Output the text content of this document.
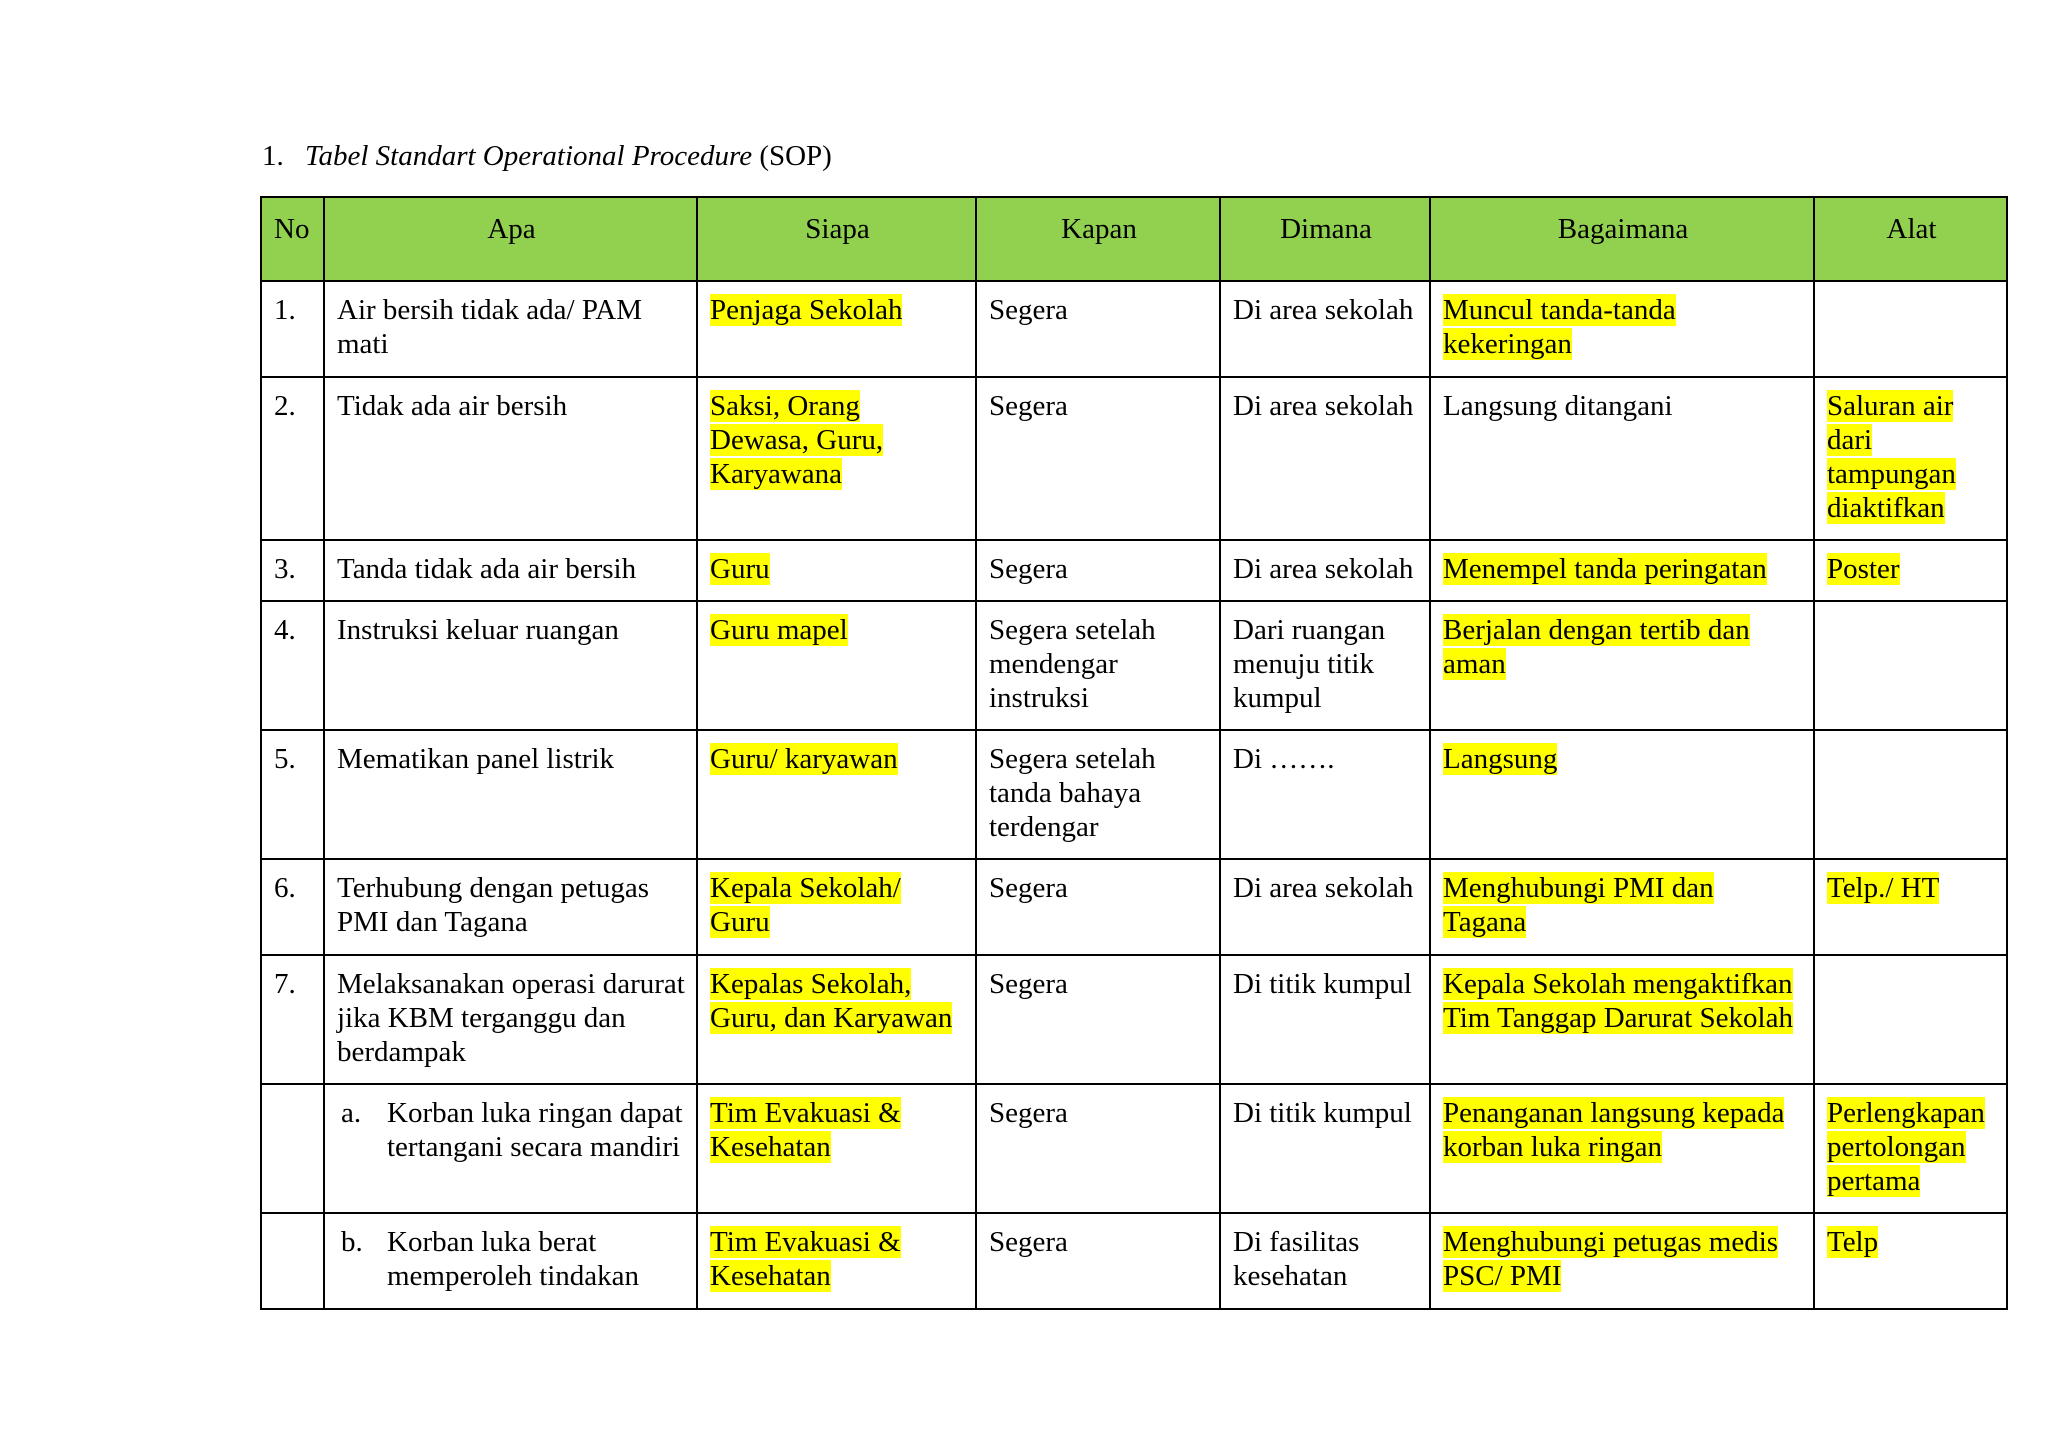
1. Tabel Standart Operational Procedure (SOP)
No	Apa	Siapa	Kapan	Dimana	Bagaimana	Alat
1.	Air bersih tidak ada/ PAM mati	Penjaga Sekolah	Segera	Di area sekolah	Muncul tanda-tanda kekeringan	
2.	Tidak ada air bersih	Saksi, Orang Dewasa, Guru, Karyawana	Segera	Di area sekolah	Langsung ditangani	Saluran air dari tampungan diaktifkan
3.	Tanda tidak ada air bersih	Guru	Segera	Di area sekolah	Menempel tanda peringatan	Poster
4.	Instruksi keluar ruangan	Guru mapel	Segera setelah mendengar instruksi	Dari ruangan menuju titik kumpul	Berjalan dengan tertib dan aman	
5.	Mematikan panel listrik	Guru/ karyawan	Segera setelah tanda bahaya terdengar	Di …….	Langsung	
6.	Terhubung dengan petugas PMI dan Tagana	Kepala Sekolah/ Guru	Segera	Di area sekolah	Menghubungi PMI dan Tagana	Telp./ HT
7.	Melaksanakan operasi darurat jika KBM terganggu dan berdampak	Kepalas Sekolah, Guru, dan Karyawan	Segera	Di titik kumpul	Kepala Sekolah mengaktifkan Tim Tanggap Darurat Sekolah	

	a. Korban luka ringan dapat tertangani secara mandiri	Tim Evakuasi & Kesehatan	Segera	Di titik kumpul	Penanganan langsung kepada korban luka ringan	Perlengkapan pertolongan pertama

	b. Korban luka berat memperoleh tindakan	Tim Evakuasi & Kesehatan	Segera	Di fasilitas kesehatan	Menghubungi petugas medis PSC/ PMI	Telp
